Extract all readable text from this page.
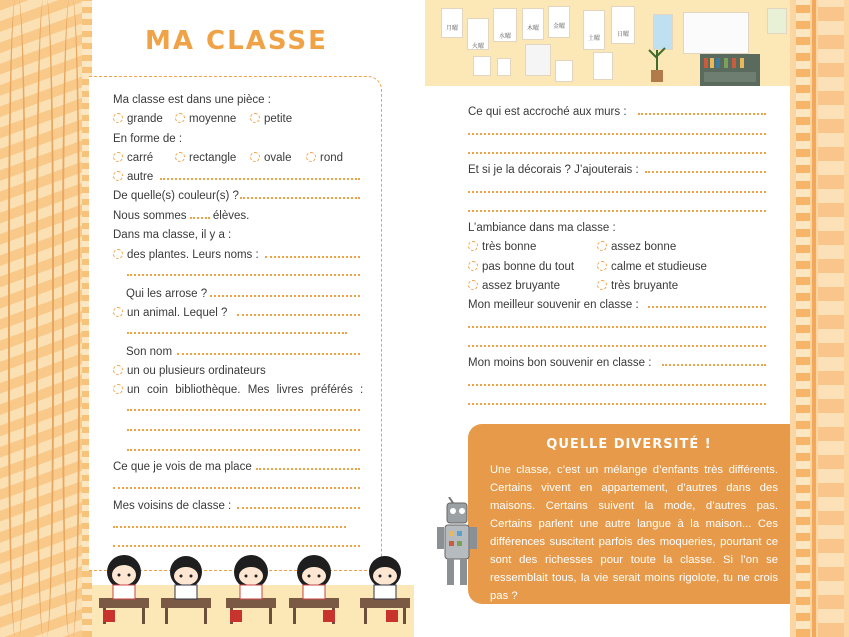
MA CLASSE
Ma classe est dans une pièce :
grande	moyenne	petite
En forme de :
carré	rectangle	ovale	rond
autre
De quelle(s) couleur(s) ?
Nous sommes élèves.
Dans ma classe, il y a :
des plantes. Leurs noms :
Qui les arrose ?
un animal. Lequel ?
Son nom
un ou plusieurs ordinateurs
un coin bibliothèque. Mes livres préférés :
Ce que je vois de ma place
Mes voisins de classe :

月曜

火曜

水曜

木曜	金曜

土曜

日曜
Ce qui est accroché aux murs :
Et si je la décorais ? J’ajouterais :
L’ambiance dans ma classe :
très bonne	assez bonne
pas bonne du tout	calme et studieuse
assez bruyante	très bruyante
Mon meilleur souvenir en classe :
Mon moins bon souvenir en classe :
QUELLE DIVERSITÉ !
Une classe, c’est un mélange d’enfants très différents. Certains vivent en appartement, d’autres dans des maisons. Certains suivent la mode, d’autres pas. Certains parlent une autre langue à la maison... Ces différences suscitent parfois des moqueries, pourtant ce sont des richesses pour toute la classe. Si l’on se ressemblait tous, la vie serait moins rigolote, tu ne crois pas ?
